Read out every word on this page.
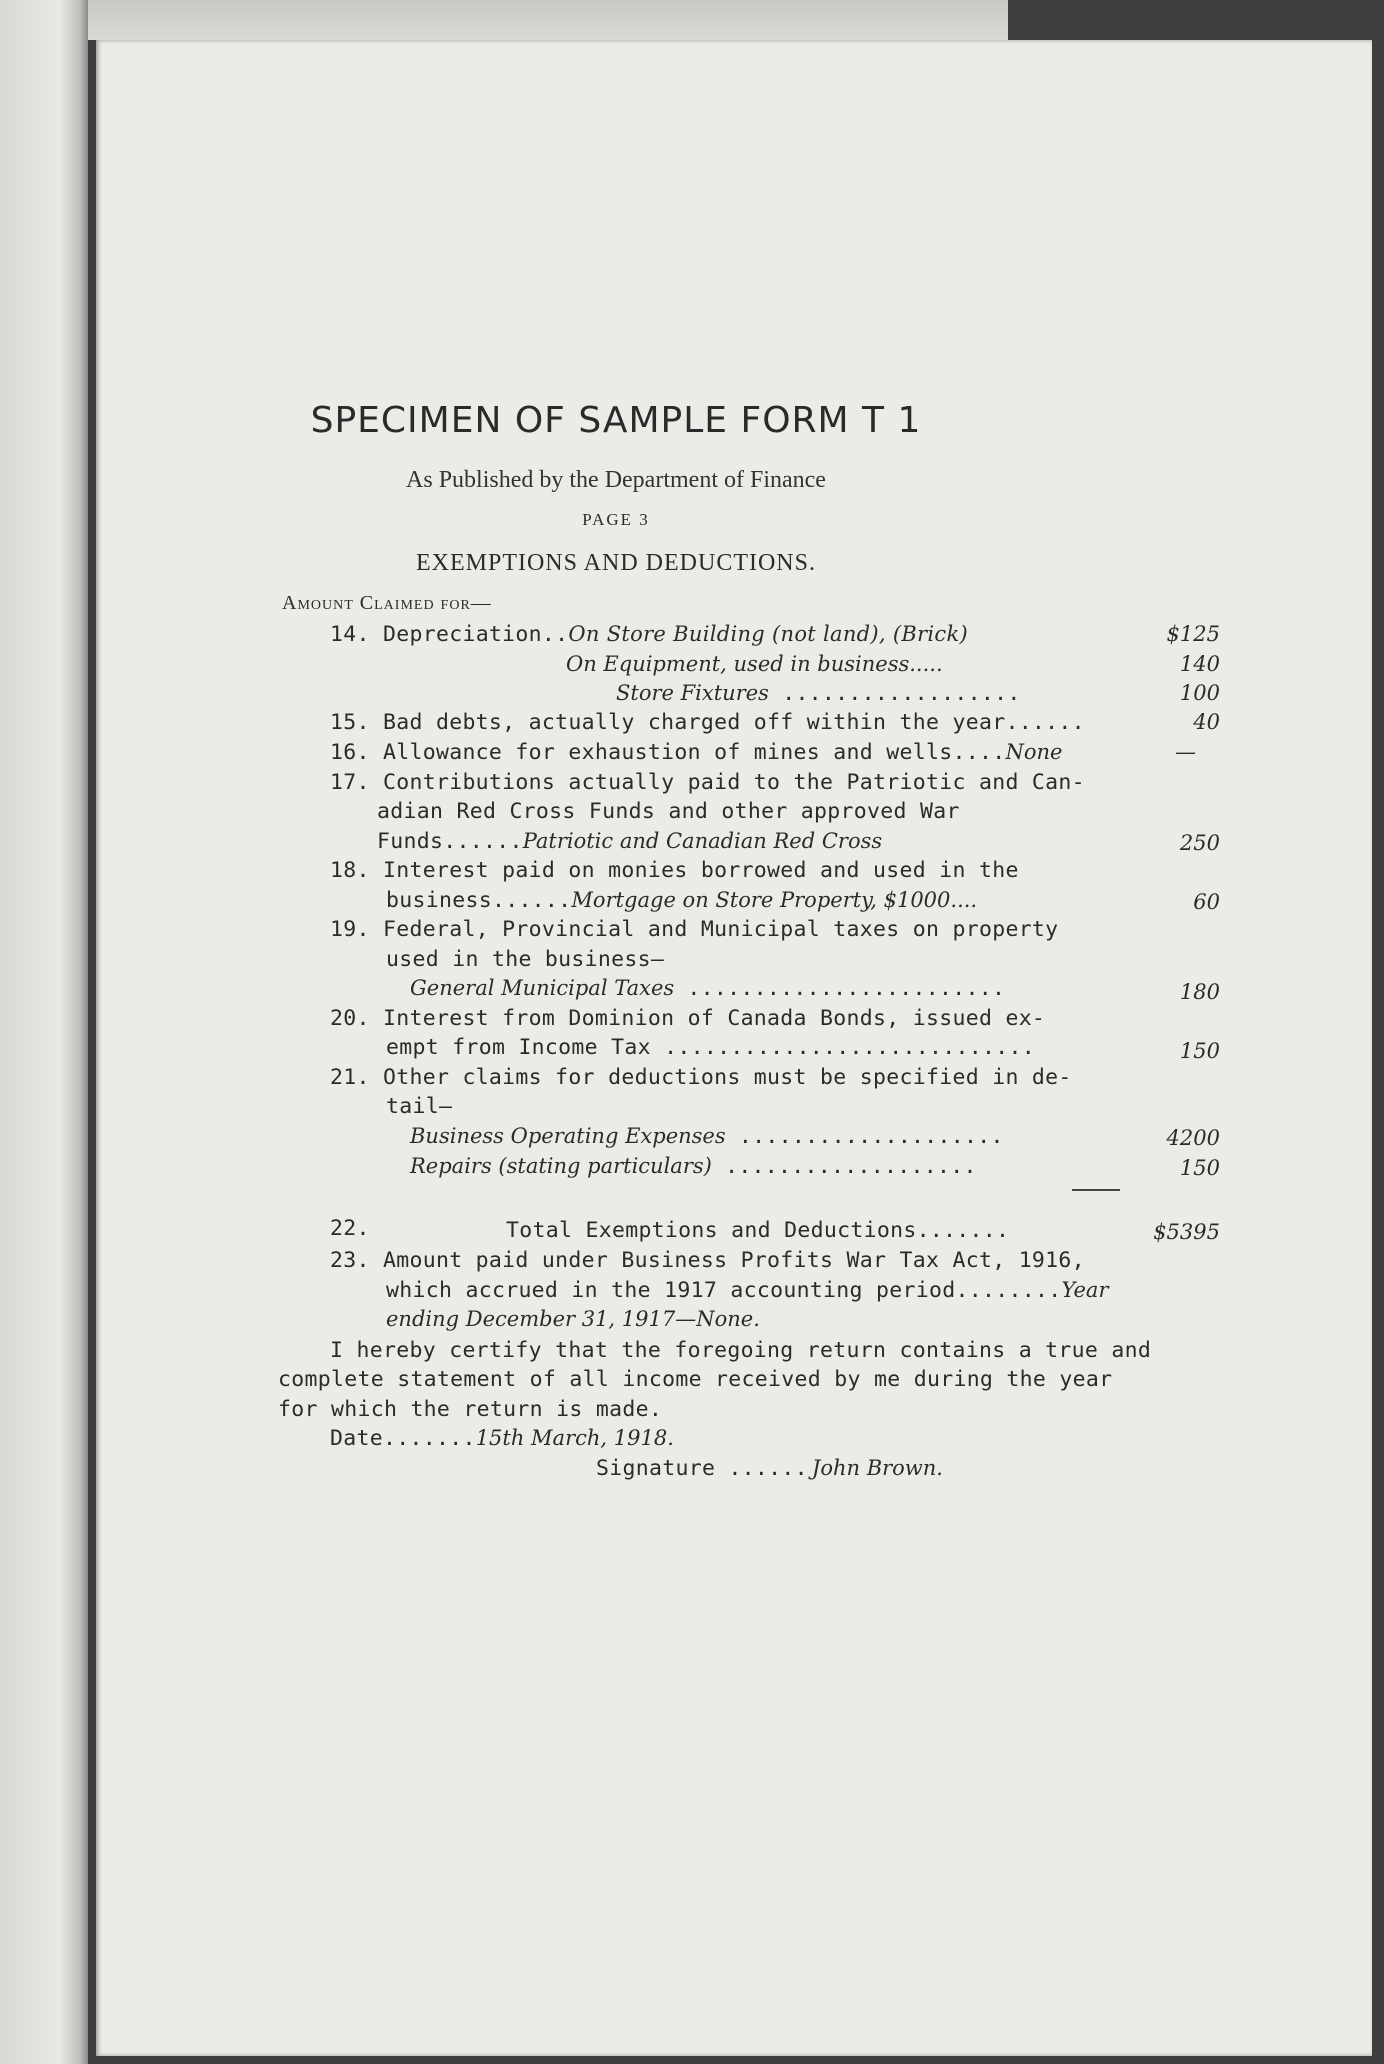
SPECIMEN OF SAMPLE FORM T 1
As Published by the Department of Finance
PAGE 3
EXEMPTIONS AND DEDUCTIONS.
Amount Claimed for—
14. Depreciation..On Store Building (not land), (Brick)	$125
On Equipment, used in business.....	140
Store Fixtures ..................	100
15. Bad debts, actually charged off within the year......	40
16. Allowance for exhaustion of mines and wells....None	—
17. Contributions actually paid to the Patriotic and Can-
adian Red Cross Funds and other approved War
Funds......Patriotic and Canadian Red Cross	250
18. Interest paid on monies borrowed and used in the
business......Mortgage on Store Property, $1000....	60
19. Federal, Provincial and Municipal taxes on property
used in the business—
General Municipal Taxes ........................	180
20. Interest from Dominion of Canada Bonds, issued ex-
empt from Income Tax ............................	150
21. Other claims for deductions must be specified in de-
tail—
Business Operating Expenses ....................	4200
Repairs (stating particulars) ...................	150
22.	Total Exemptions and Deductions.......	$5395
23. Amount paid under Business Profits War Tax Act, 1916,
which accrued in the 1917 accounting period........Year
ending December 31, 1917—None.
I hereby certify that the foregoing return contains a true and
complete statement of all income received by me during the year
for which the return is made.
Date.......15th March, 1918.
Signature ...... John Brown.
